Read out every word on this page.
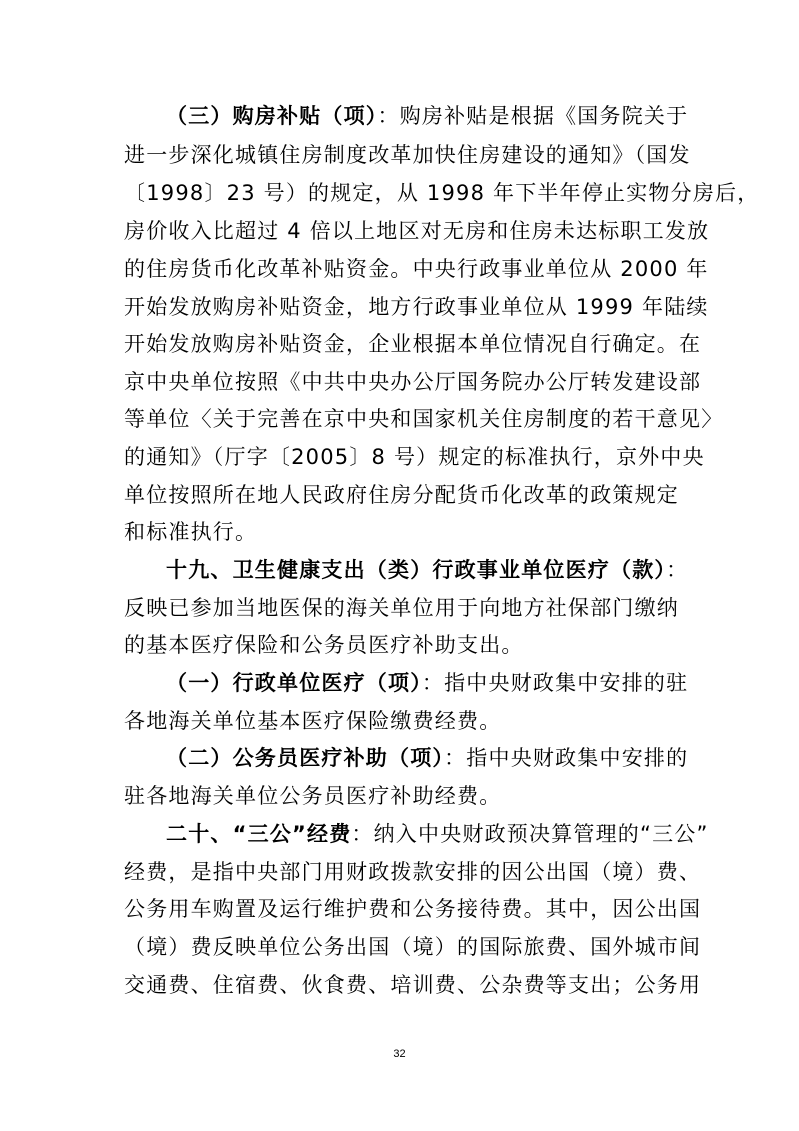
（三）购房补贴（项）：购房补贴是根据《国务院关于
进一步深化城镇住房制度改革加快住房建设的通知》（国发
〔1998〕23 号）的规定，从 1998 年下半年停止实物分房后，
房价收入比超过 4 倍以上地区对无房和住房未达标职工发放
的住房货币化改革补贴资金。中央行政事业单位从 2000 年
开始发放购房补贴资金，地方行政事业单位从 1999 年陆续
开始发放购房补贴资金，企业根据本单位情况自行确定。在
京中央单位按照《中共中央办公厅国务院办公厅转发建设部
等单位〈关于完善在京中央和国家机关住房制度的若干意见〉
的通知》（厅字〔2005〕8 号）规定的标准执行，京外中央
单位按照所在地人民政府住房分配货币化改革的政策规定
和标准执行。
十九、卫生健康支出（类）行政事业单位医疗（款）：
反映已参加当地医保的海关单位用于向地方社保部门缴纳
的基本医疗保险和公务员医疗补助支出。
（一）行政单位医疗（项）：指中央财政集中安排的驻
各地海关单位基本医疗保险缴费经费。
（二）公务员医疗补助（项）：指中央财政集中安排的
驻各地海关单位公务员医疗补助经费。
二十、“三公”经费：纳入中央财政预决算管理的“三公”
经费，是指中央部门用财政拨款安排的因公出国（境）费、
公务用车购置及运行维护费和公务接待费。其中，因公出国
（境）费反映单位公务出国（境）的国际旅费、国外城市间
交通费、住宿费、伙食费、培训费、公杂费等支出；公务用
32
